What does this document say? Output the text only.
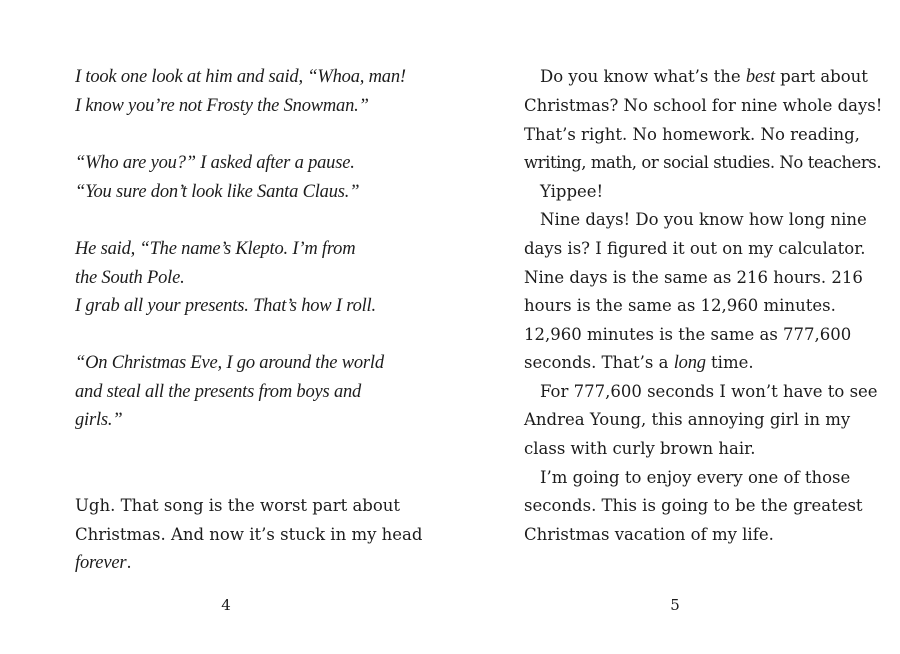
I took one look at him and said, “Whoa, man!
I know you’re not Frosty the Snowman.”
“Who are you?” I asked after a pause.
“You sure don’t look like Santa Claus.”
He said, “The name’s Klepto. I’m from
the South Pole.
I grab all your presents. That’s how I roll.
“On Christmas Eve, I go around the world
and steal all the presents from boys and
girls.”
Ugh. That song is the worst part about
Christmas. And now it’s stuck in my head
forever.
4
Do you know what’s the best part about
Christmas? No school for nine whole days!
That’s right. No homework. No reading,
writing, math, or social studies. No teachers.
Yippee!
Nine days! Do you know how long nine
days is? I figured it out on my calculator.
Nine days is the same as 216 hours. 216
hours is the same as 12,960 minutes.
12,960 minutes is the same as 777,600
seconds. That’s a long time.
For 777,600 seconds I won’t have to see
Andrea Young, this annoying girl in my
class with curly brown hair.
I’m going to enjoy every one of those
seconds. This is going to be the greatest
Christmas vacation of my life.
5
